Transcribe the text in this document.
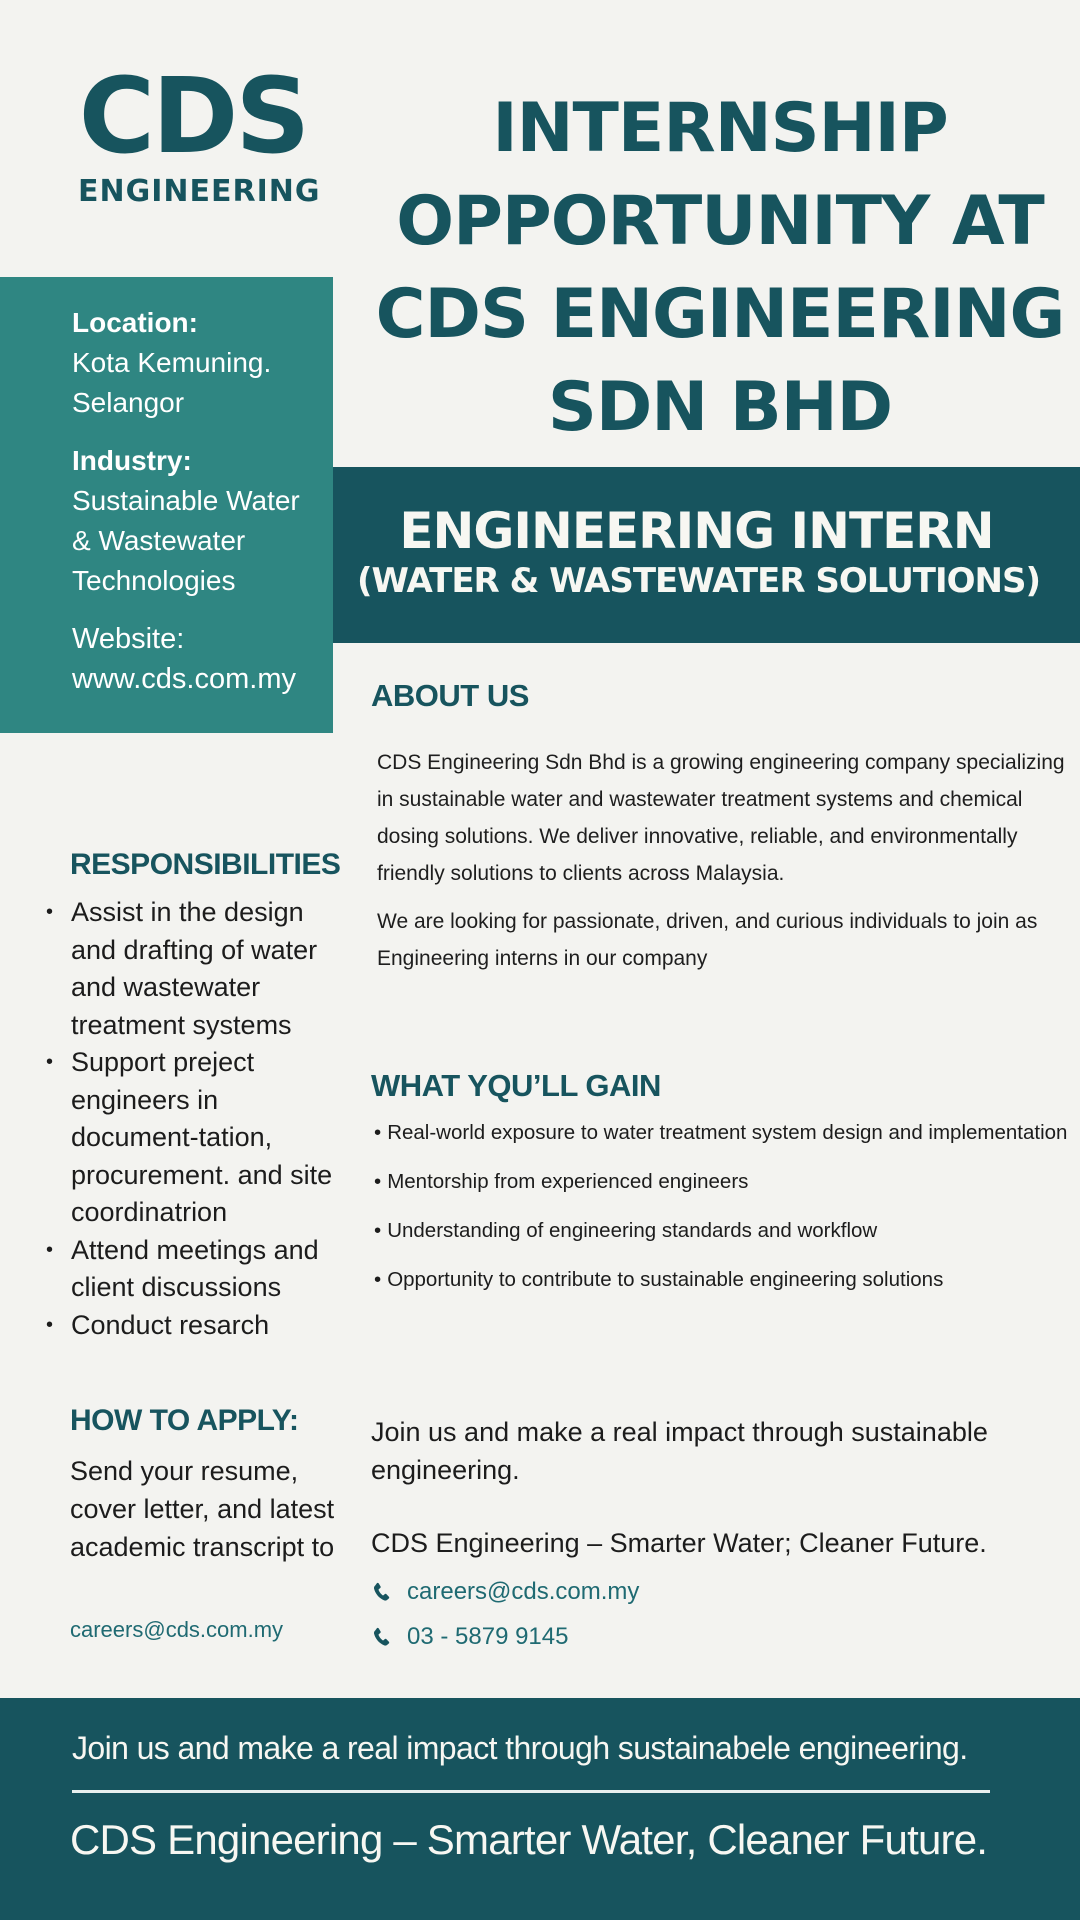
CDS
ENGINEERING
INTERNSHIP
OPPORTUNITY AT
CDS ENGINEERING
SDN BHD
Location:
Kota Kemuning.
Selangor
Industry:
Sustainable Water
& Wastewater
Technologies
Website:
www.cds.com.my
ENGINEERING INTERN
(WATER & WASTEWATER SOLUTIONS)
ABOUT US

CDS Engineering Sdn Bhd is a growing engineering company specializing in sustainable water and wastewater treatment systems and chemical dosing solutions. We deliver innovative, reliable, and environmentally friendly solutions to clients across Malaysia.

We are looking for passionate, driven, and curious individuals to join as Engineering interns in our company

RESPONSIBILITIES
• Assist in the design and drafting of water and wastewater treatment systems
• Support preject engineers in document-tation, procurement. and site coordinatrion
• Attend meetings and client discussions
• Conduct resarch
WHAT YQU’LL GAIN
• Real-world exposure to water treatment system design and implementation
• Mentorship from experienced engineers
• Understanding of engineering standards and workflow
• Opportunity to contribute to sustainable engineering solutions
HOW TO APPLY:

Send your resume, cover letter, and latest academic transcript to

careers@cds.com.my

Join us and make a real impact through sustainable engineering.

CDS Engineering – Smarter Water; Cleaner Future.

careers@cds.com.my
03 - 5879 9145
Join us and make a real impact through sustainabele engineering.
CDS Engineering – Smarter Water, Cleaner Future.
